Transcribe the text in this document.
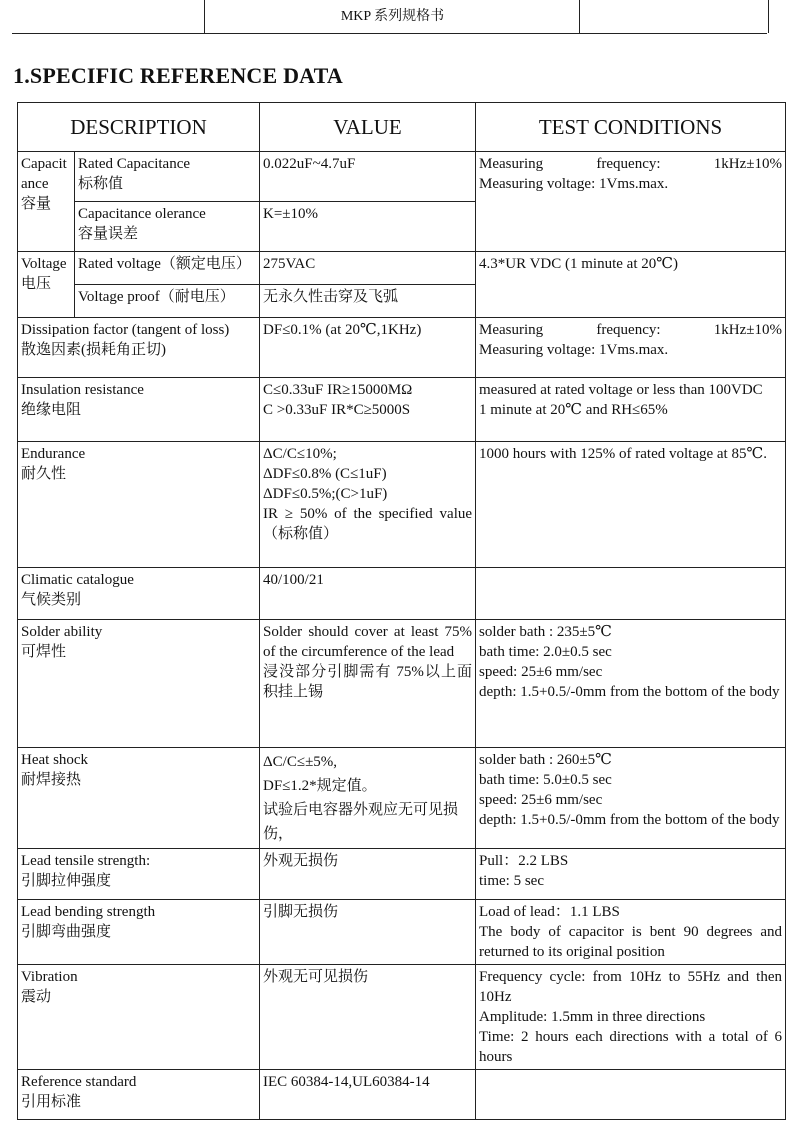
MKP 系列规格书
1.SPECIFIC REFERENCE DATA
DESCRIPTION		VALUE	TEST CONDITIONS

Capacit
ance
容量	Rated Capacitance
标称值	0.022uF~4.7uF	Measuring frequency: 1kHz±10%
Measuring voltage: 1Vms.max.

	Capacitance olerance
容量误差	K=±10%	

Voltage
电压	Rated voltage（额定电压）	275VAC	4.3*UR VDC (1 minute at 20℃)
	Voltage proof（耐电压）	无永久性击穿及飞弧	

Dissipation factor (tangent of loss)
散逸因素(损耗角正切)		DF≤0.1% (at 20℃,1KHz)	Measuring frequency: 1kHz±10%
Measuring voltage: 1Vms.max.

Insulation resistance
绝缘电阻		C≤0.33uF IR≥15000MΩ
C >0.33uF IR*C≥5000S	measured at rated voltage or less than 100VDC
1 minute at 20℃ and RH≤65%

Endurance
耐久性		ΔC/C≤10%;
ΔDF≤0.8% (C≤1uF)
ΔDF≤0.5%;(C>1uF)
IR ≥ 50% of the specified value（标称值）	1000 hours with 125% of rated voltage at 85℃.

Climatic catalogue
气候类别		40/100/21	

Solder ability
可焊性		Solder should cover at least 75% of the circumference of the lead
浸没部分引脚需有 75%以上面积挂上锡	solder bath : 235±5℃
bath time: 2.0±0.5 sec
speed: 25±6 mm/sec
depth: 1.5+0.5/-0mm from the bottom of the body

Heat shock
耐焊接热		ΔC/C≤±5%,
DF≤1.2*规定值。
试验后电容器外观应无可见损伤，	solder bath : 260±5℃
bath time: 5.0±0.5 sec
speed: 25±6 mm/sec
depth: 1.5+0.5/-0mm from the bottom of the body

Lead tensile strength:
引脚拉伸强度		外观无损伤	Pull：2.2 LBS
time: 5 sec

Lead bending strength
引脚弯曲强度		引脚无损伤	Load of lead：1.1 LBS
The body of capacitor is bent 90 degrees and returned to its original position

Vibration
震动		外观无可见损伤	Frequency cycle: from 10Hz to 55Hz and then 10Hz
Amplitude: 1.5mm in three directions
Time: 2 hours each directions with a total of 6 hours

Reference standard
引用标准		IEC 60384-14,UL60384-14	
